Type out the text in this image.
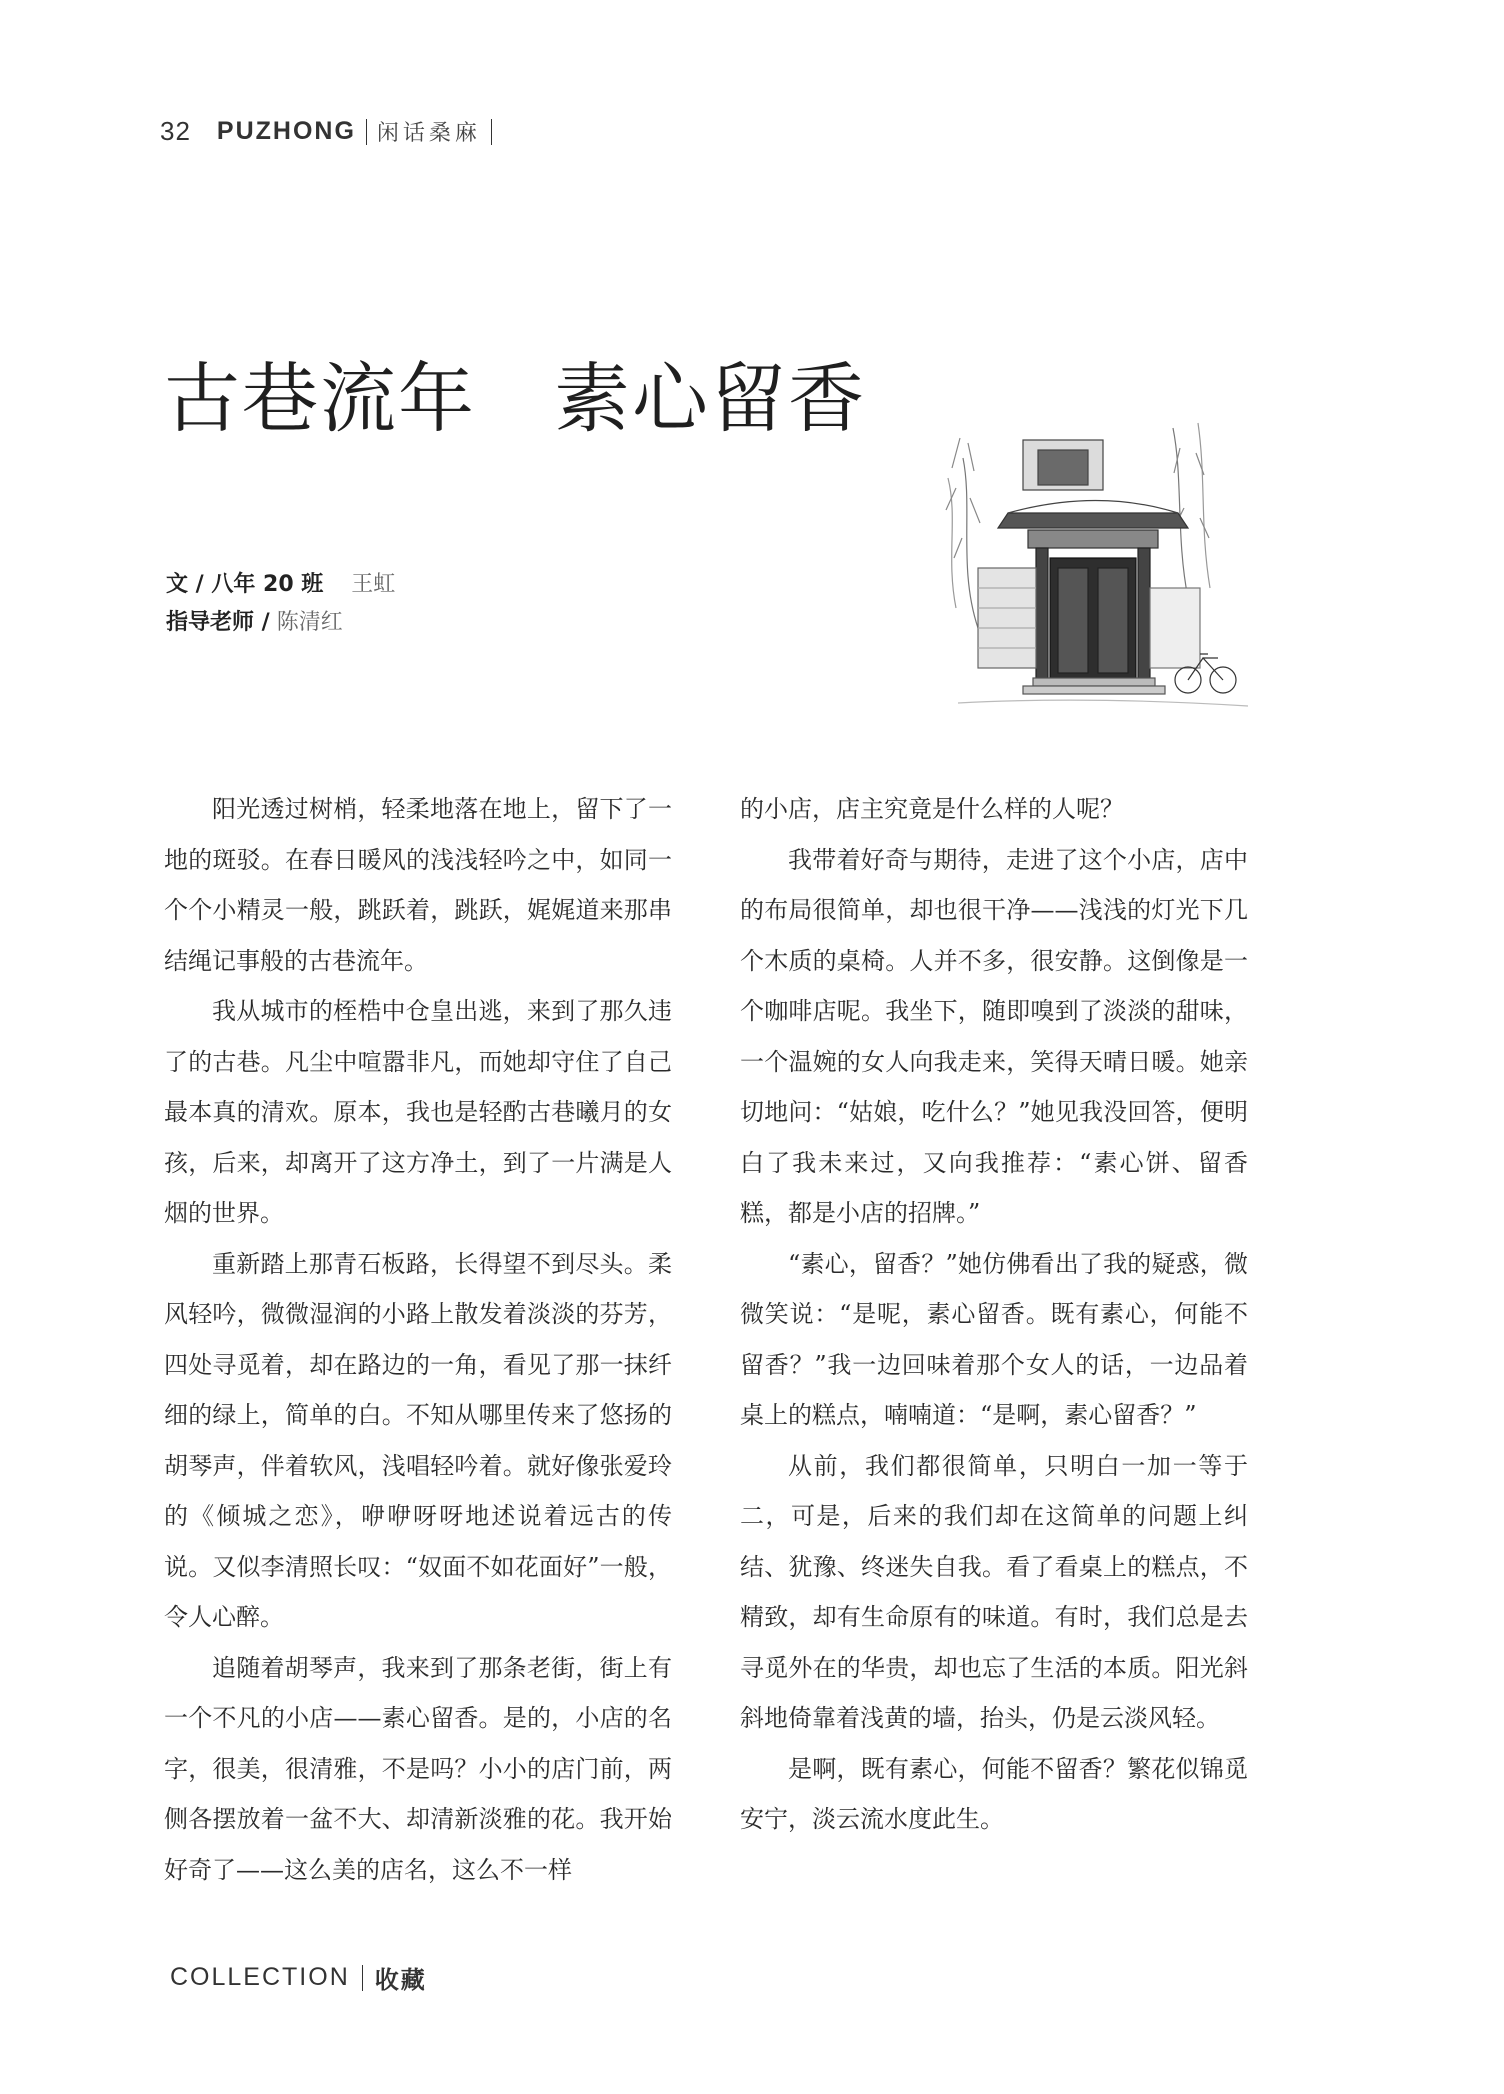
32 PUZHONG 闲话桑麻
古巷流年　素心留香
文 / 八年 20 班 王虹
指导老师 / 陈清红

阳光透过树梢，轻柔地落在地上，留下了一地的斑驳。在春日暖风的浅浅轻吟之中，如同一个个小精灵一般，跳跃着，跳跃，娓娓道来那串结绳记事般的古巷流年。

我从城市的桎梏中仓皇出逃，来到了那久违了的古巷。凡尘中喧嚣非凡，而她却守住了自己最本真的清欢。原本，我也是轻酌古巷曦月的女孩，后来，却离开了这方净土，到了一片满是人烟的世界。

重新踏上那青石板路，长得望不到尽头。柔风轻吟，微微湿润的小路上散发着淡淡的芬芳，四处寻觅着，却在路边的一角，看见了那一抹纤细的绿上，简单的白。不知从哪里传来了悠扬的胡琴声，伴着软风，浅唱轻吟着。就好像张爱玲的《倾城之恋》，咿咿呀呀地述说着远古的传说。又似李清照长叹：“奴面不如花面好”一般，令人心醉。

追随着胡琴声，我来到了那条老街，街上有一个不凡的小店——素心留香。是的，小店的名字，很美，很清雅，不是吗？小小的店门前，两侧各摆放着一盆不大、却清新淡雅的花。我开始好奇了——这么美的店名，这么不一样

的小店，店主究竟是什么样的人呢？

我带着好奇与期待，走进了这个小店，店中的布局很简单，却也很干净——浅浅的灯光下几个木质的桌椅。人并不多，很安静。这倒像是一个咖啡店呢。我坐下，随即嗅到了淡淡的甜味，一个温婉的女人向我走来，笑得天晴日暖。她亲切地问：“姑娘，吃什么？”她见我没回答，便明白了我未来过，又向我推荐：“素心饼、留香糕，都是小店的招牌。”

“素心，留香？”她仿佛看出了我的疑惑，微微笑说：“是呢，素心留香。既有素心，何能不留香？”我一边回味着那个女人的话，一边品着桌上的糕点，喃喃道：“是啊，素心留香？”

从前，我们都很简单，只明白一加一等于二，可是，后来的我们却在这简单的问题上纠结、犹豫、终迷失自我。看了看桌上的糕点，不精致，却有生命原有的味道。有时，我们总是去寻觅外在的华贵，却也忘了生活的本质。阳光斜斜地倚靠着浅黄的墙，抬头，仍是云淡风轻。

是啊，既有素心，何能不留香？繁花似锦觅安宁，淡云流水度此生。

COLLECTION 收藏
